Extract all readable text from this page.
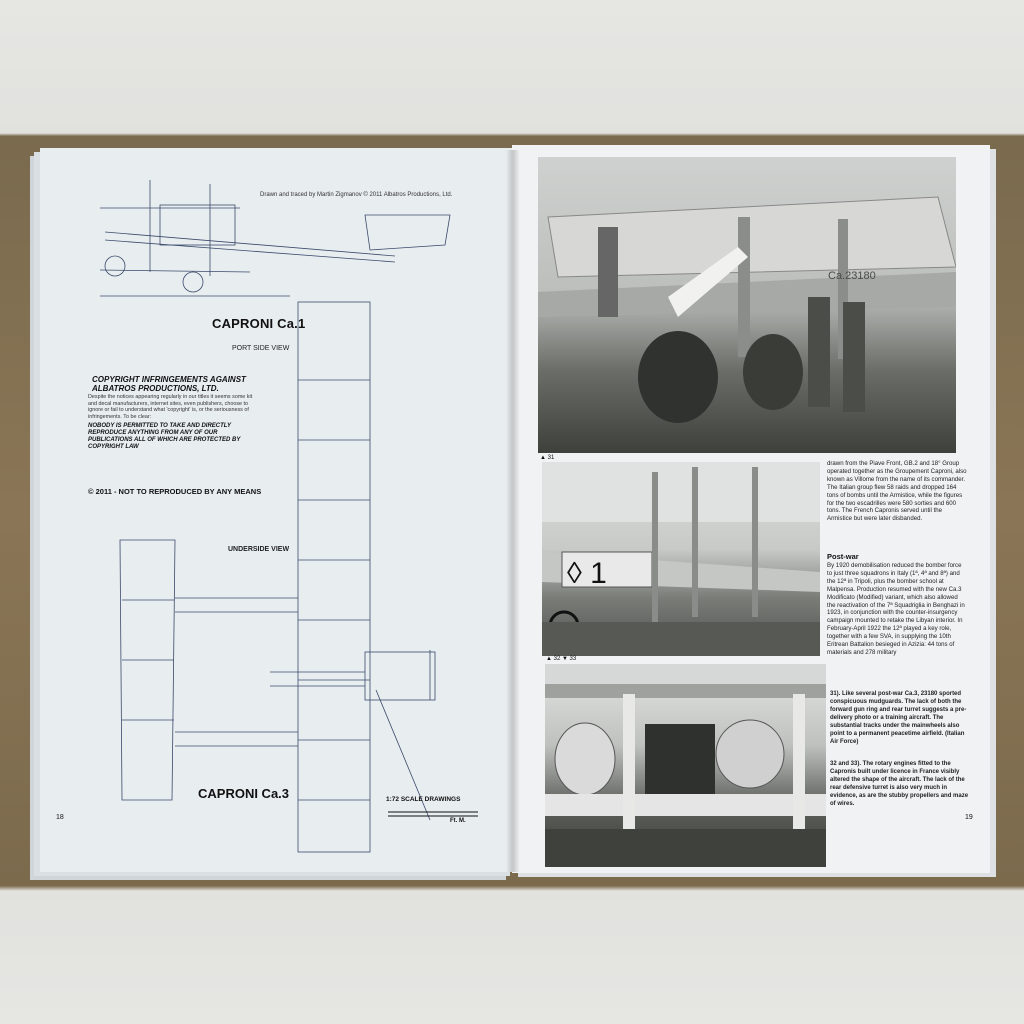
Drawn and traced by Martin Zigmanov © 2011 Albatros Productions, Ltd.
CAPRONI Ca.1
PORT SIDE VIEW
COPYRIGHT INFRINGEMENTS AGAINST ALBATROS PRODUCTIONS, LTD.
Despite the notices appearing regularly in our titles it seems some kit and decal manufacturers, internet sites, even publishers, choose to ignore or fail to understand what 'copyright' is, or the seriousness of infringements. To be clear:
NOBODY IS PERMITTED TO TAKE AND DIRECTLY REPRODUCE ANYTHING FROM ANY OF OUR PUBLICATIONS ALL OF WHICH ARE PROTECTED BY COPYRIGHT LAW
© 2011 - NOT TO REPRODUCED BY ANY MEANS
UNDERSIDE VIEW
CAPRONI Ca.3	1:72 SCALE DRAWINGS
Ft. M.
18
Ca.23180
◊ 1
▲ 31
▲ 32 ▼ 33
drawn from the Piave Front, GB.2 and 18° Group operated together as the Groupement Caproni, also known as Villome from the name of its commander. The Italian group flew 58 raids and dropped 164 tons of bombs until the Armistice, while the figures for the two escadrilles were 580 sorties and 600 tons. The French Capronis served until the Armistice but were later disbanded.
Post-war
By 1920 demobilisation reduced the bomber force to just three squadrons in Italy (1ª, 4ª and 8ª) and the 12ª in Tripoli, plus the bomber school at Malpensa. Production resumed with the new Ca.3 Modificato (Modified) variant, which also allowed the reactivation of the 7ª Squadriglia in Benghazi in 1923, in conjunction with the counter-insurgency campaign mounted to retake the Libyan interior. In February-April 1922 the 12ª played a key role, together with a few SVA, in supplying the 10th Eritrean Battalion besieged in Azizia: 44 tons of materials and 278 military
31). Like several post-war Ca.3, 23180 sported conspicuous mudguards. The lack of both the forward gun ring and rear turret suggests a pre-delivery photo or a training aircraft. The substantial tracks under the mainwheels also point to a permanent peacetime airfield. (Italian Air Force)
32 and 33). The rotary engines fitted to the Capronis built under licence in France visibly altered the shape of the aircraft. The lack of the rear defensive turret is also very much in evidence, as are the stubby propellers and maze of wires.
19
